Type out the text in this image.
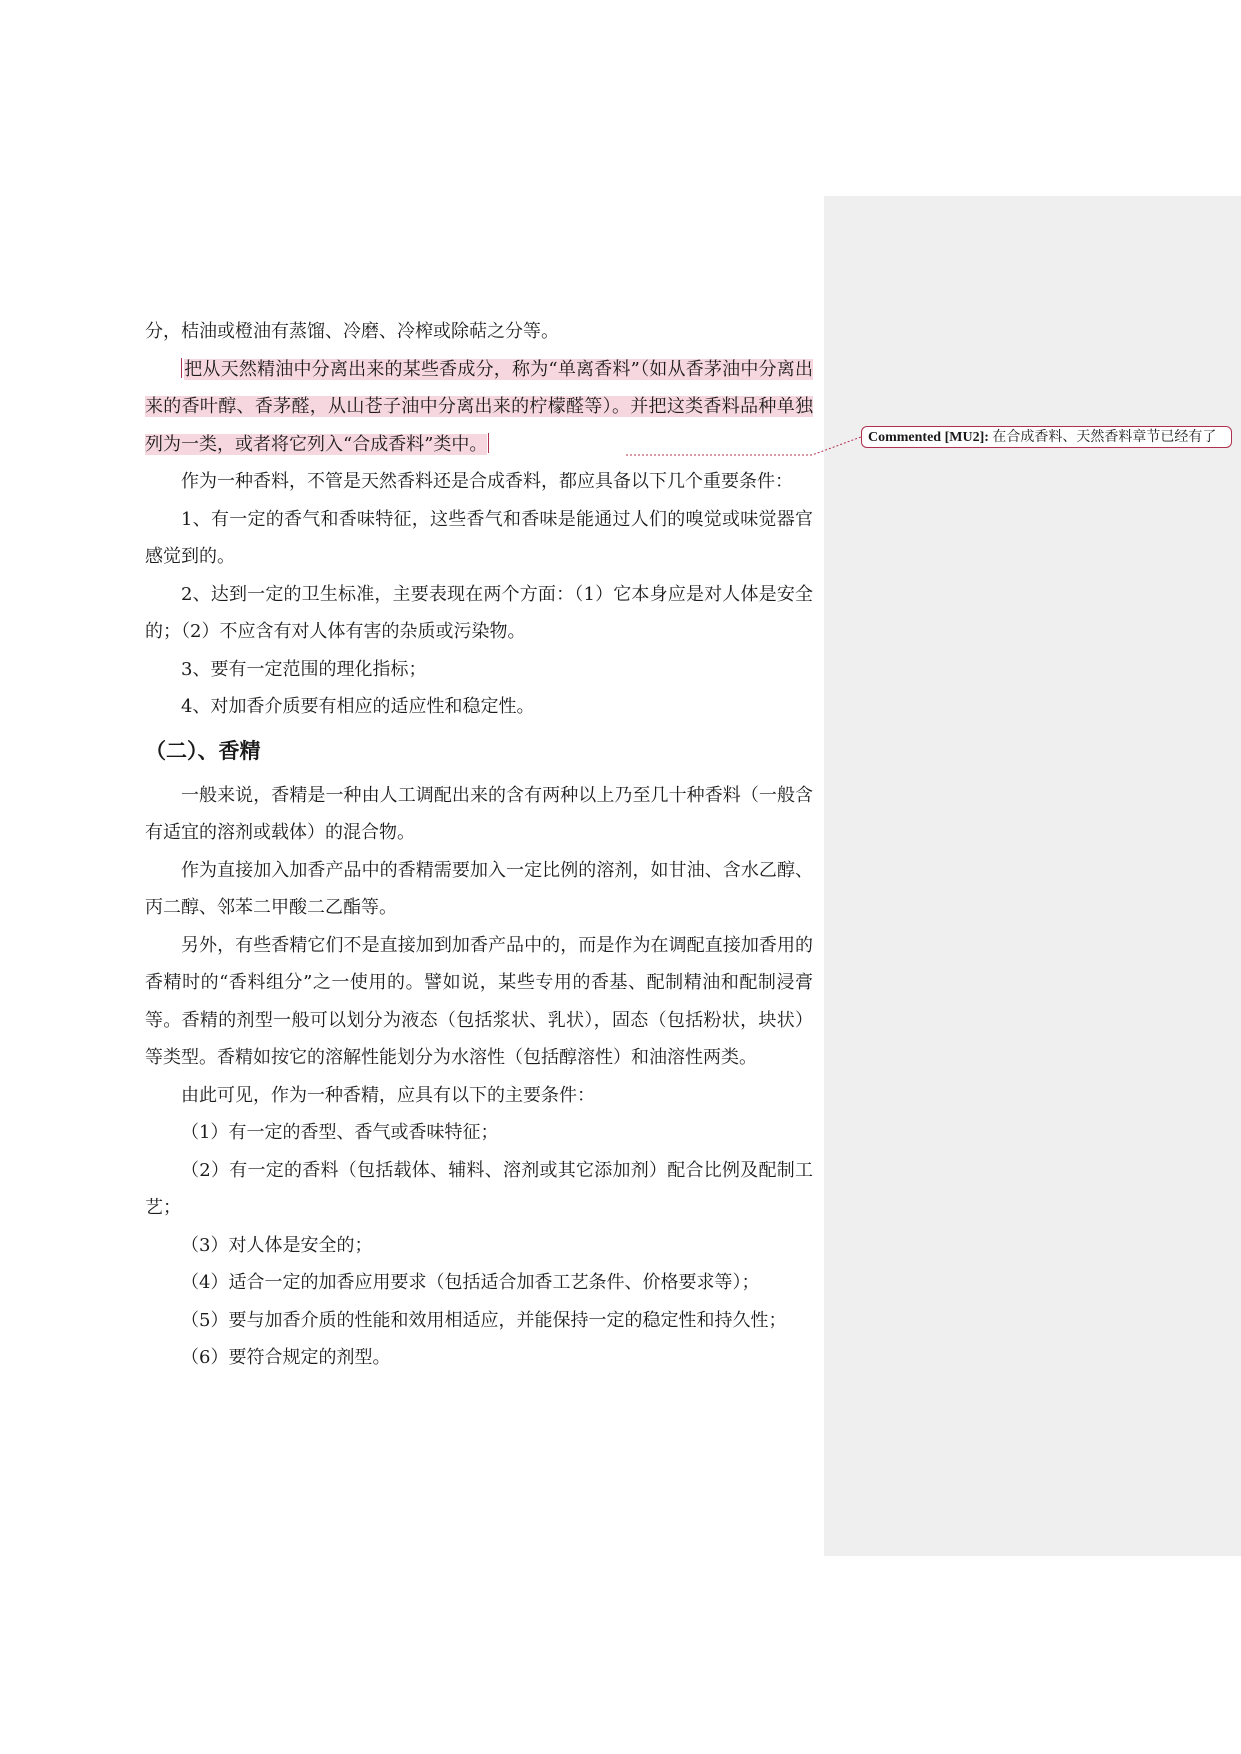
分，桔油或橙油有蒸馏、冷磨、冷榨或除萜之分等。

把从天然精油中分离出来的某些香成分，称为“单离香料”（如从香茅油中分离出来的香叶醇、香茅醛，从山苍子油中分离出来的柠檬醛等）。并把这类香料品种单独列为一类，或者将它列入“合成香料”类中。

作为一种香料，不管是天然香料还是合成香料，都应具备以下几个重要条件：

1、有一定的香气和香味特征，这些香气和香味是能通过人们的嗅觉或味觉器官感觉到的。

2、达到一定的卫生标准，主要表现在两个方面：（1）它本身应是对人体是安全的；（2）不应含有对人体有害的杂质或污染物。

3、要有一定范围的理化指标；

4、对加香介质要有相应的适应性和稳定性。

（二）、香精

一般来说，香精是一种由人工调配出来的含有两种以上乃至几十种香料（一般含有适宜的溶剂或载体）的混合物。

作为直接加入加香产品中的香精需要加入一定比例的溶剂，如甘油、含水乙醇、丙二醇、邻苯二甲酸二乙酯等。

另外，有些香精它们不是直接加到加香产品中的，而是作为在调配直接加香用的香精时的“香料组分”之一使用的。譬如说，某些专用的香基、配制精油和配制浸膏等。香精的剂型一般可以划分为液态（包括浆状、乳状），固态（包括粉状，块状）等类型。香精如按它的溶解性能划分为水溶性（包括醇溶性）和油溶性两类。

由此可见，作为一种香精，应具有以下的主要条件：

（1）有一定的香型、香气或香味特征；

（2）有一定的香料（包括载体、辅料、溶剂或其它添加剂）配合比例及配制工艺；

（3）对人体是安全的；

（4）适合一定的加香应用要求（包括适合加香工艺条件、价格要求等）；

（5）要与加香介质的性能和效用相适应，并能保持一定的稳定性和持久性；

（6）要符合规定的剂型。

Commented [MU2]: 在合成香料、天然香料章节已经有了
